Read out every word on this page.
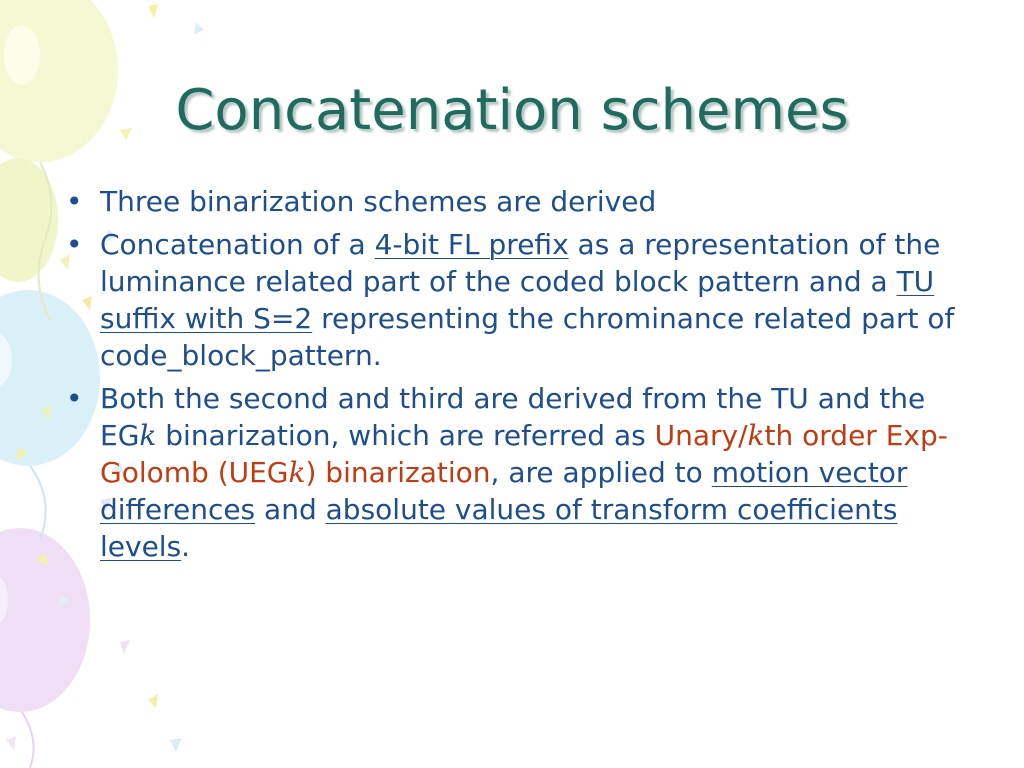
Concatenation schemes
• Three binarization schemes are derived
• Concatenation of a 4-bit FL prefix as a representation of the luminance related part of the coded block pattern and a TU suffix with S=2 representing the chrominance related part of code_block_pattern.
• Both the second and third are derived from the TU and the EGk binarization, which are referred as Unary/kth order Exp-Golomb (UEGk) binarization, are applied to motion vector differences and absolute values of transform coefficients levels.
